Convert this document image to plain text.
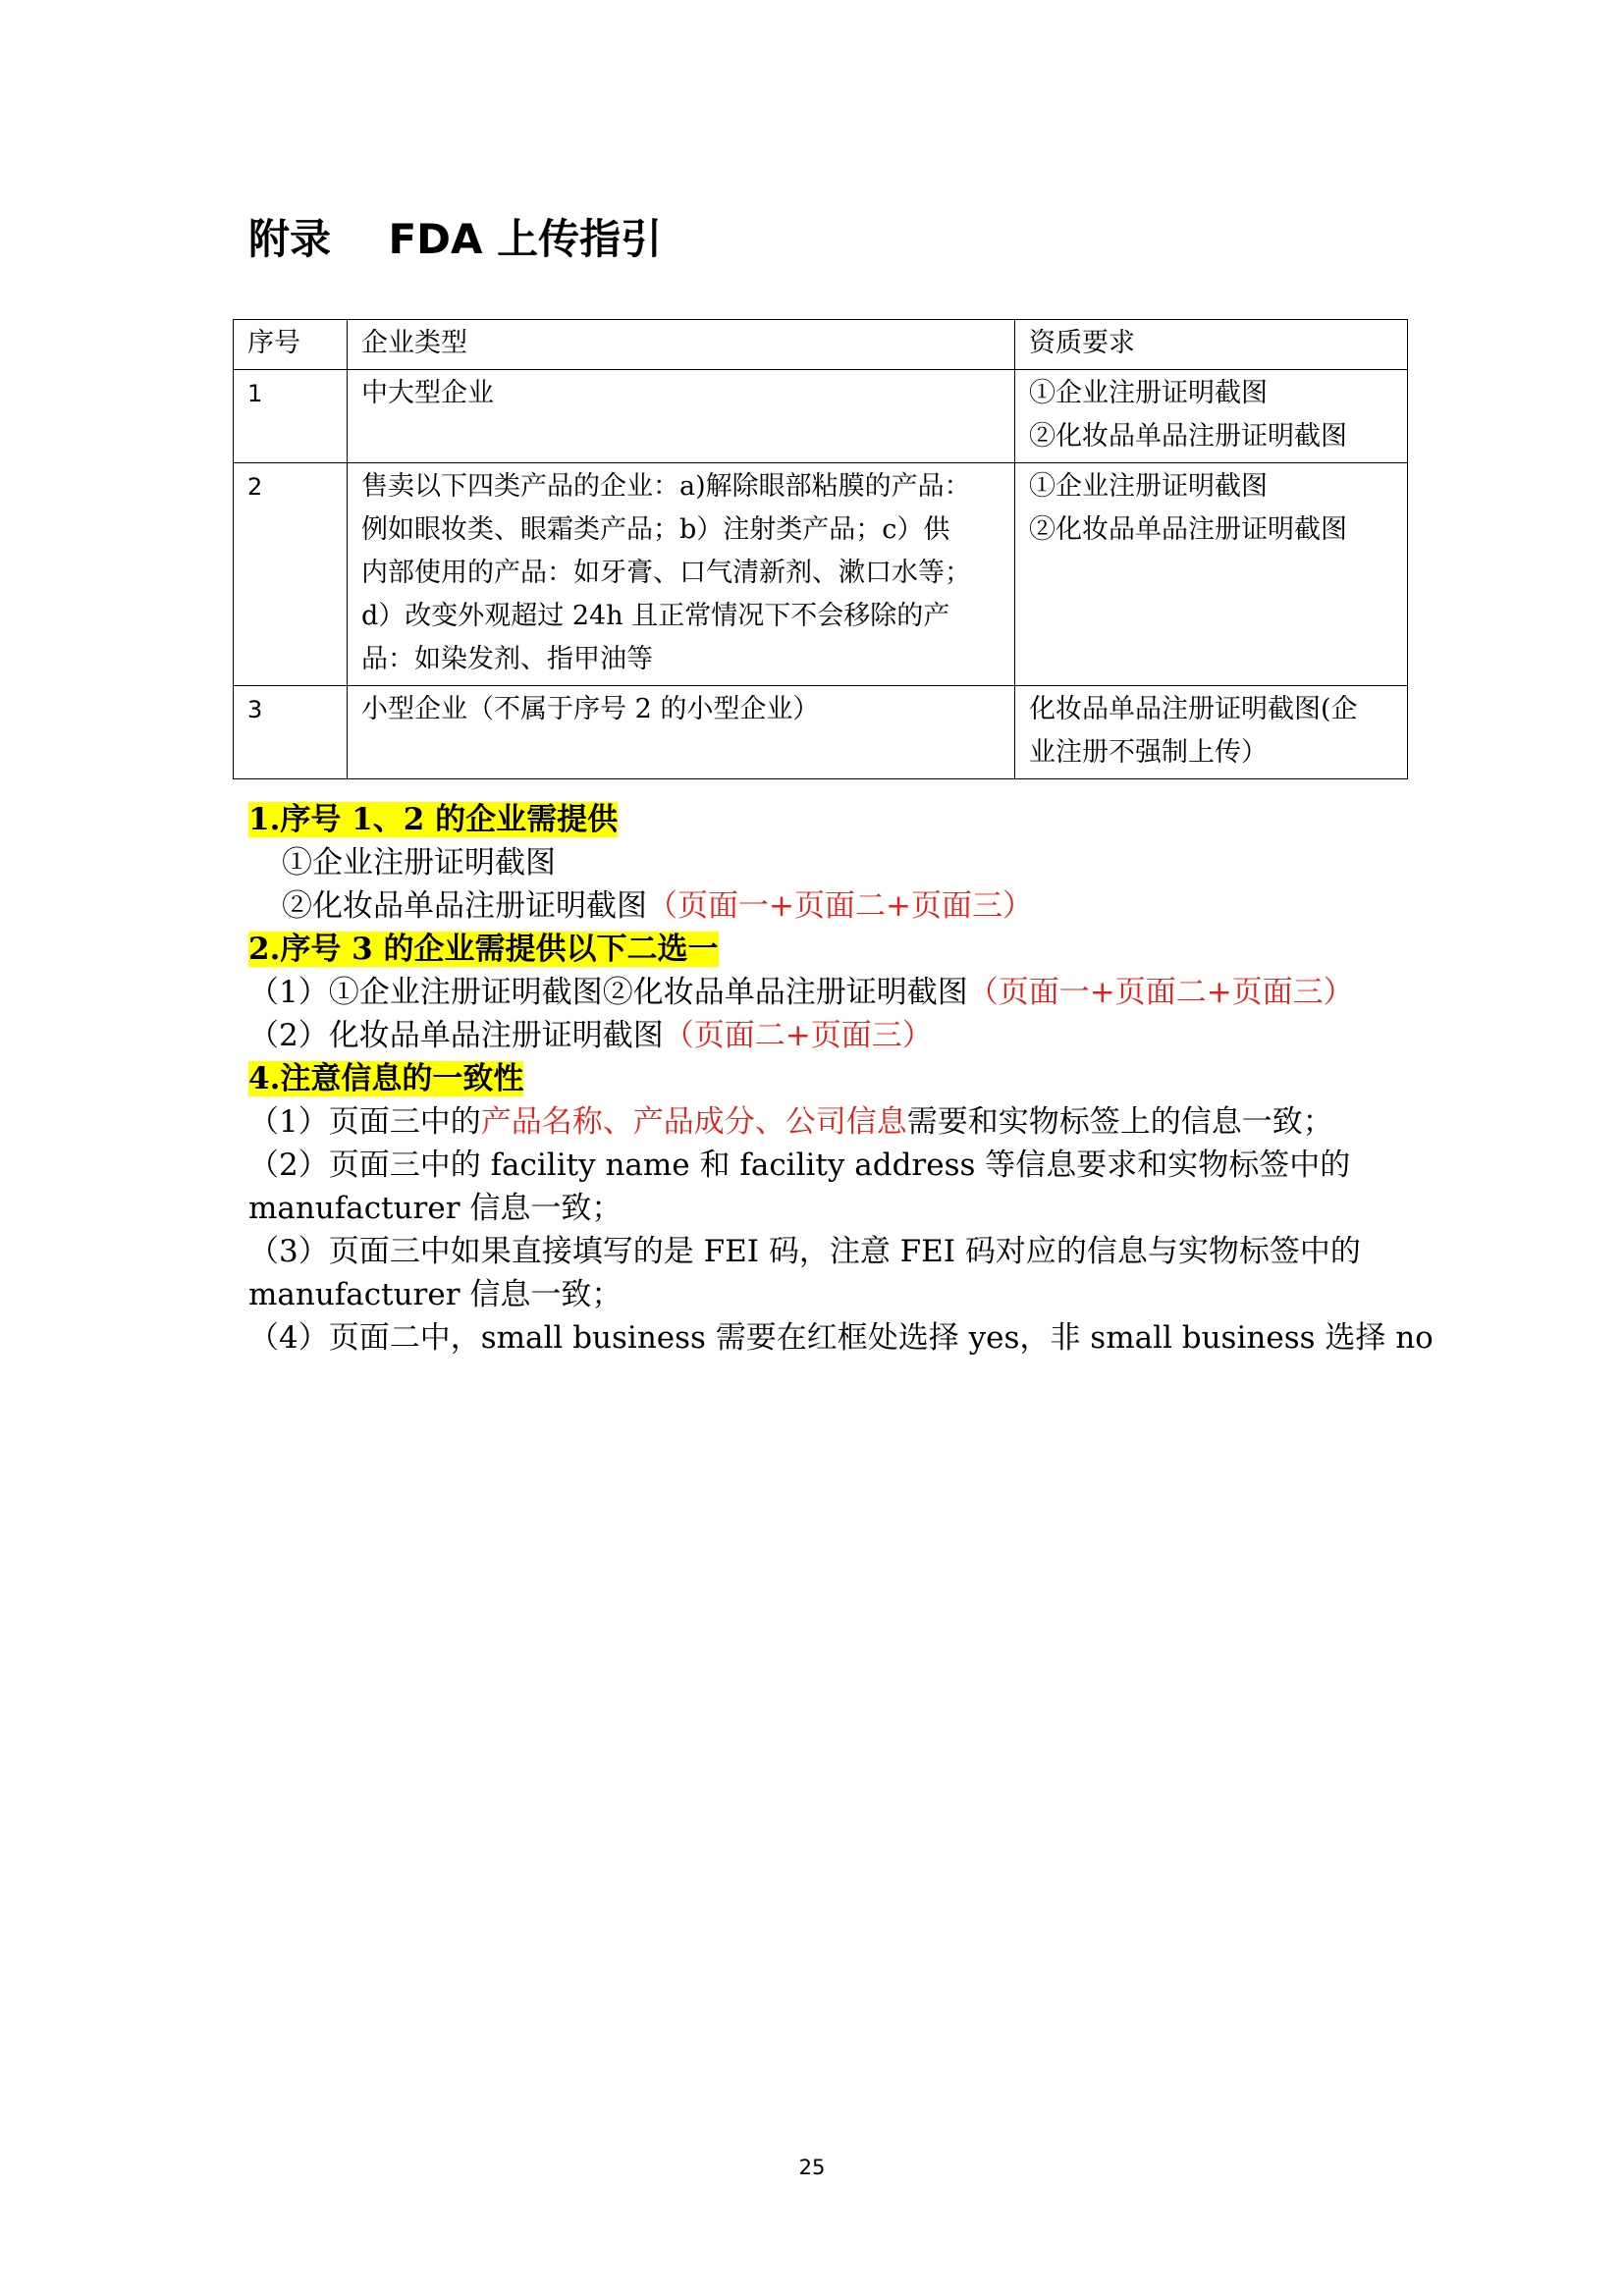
附录    FDA 上传指引
序号	企业类型	资质要求
1	中大型企业	①企业注册证明截图
②化妆品单品注册证明截图

2	售卖以下四类产品的企业：a)解除眼部粘膜的产品：
例如眼妆类、眼霜类产品；b）注射类产品；c）供
内部使用的产品：如牙膏、口气清新剂、漱口水等；
d）改变外观超过 24h 且正常情况下不会移除的产
品：如染发剂、指甲油等	①企业注册证明截图
②化妆品单品注册证明截图

3	小型企业（不属于序号 2 的小型企业）	化妆品单品注册证明截图(企
业注册不强制上传）
1.序号 1、2 的企业需提供
①企业注册证明截图
②化妆品单品注册证明截图（页面一+页面二+页面三）
2.序号 3 的企业需提供以下二选一
（1）①企业注册证明截图②化妆品单品注册证明截图（页面一+页面二+页面三）
（2）化妆品单品注册证明截图（页面二+页面三）
4.注意信息的一致性
（1）页面三中的产品名称、产品成分、公司信息需要和实物标签上的信息一致；
（2）页面三中的 facility name 和 facility address 等信息要求和实物标签中的
manufacturer 信息一致；
（3）页面三中如果直接填写的是 FEI 码，注意 FEI 码对应的信息与实物标签中的
manufacturer 信息一致；
（4）页面二中，small business 需要在红框处选择 yes，非 small business 选择 no
25
